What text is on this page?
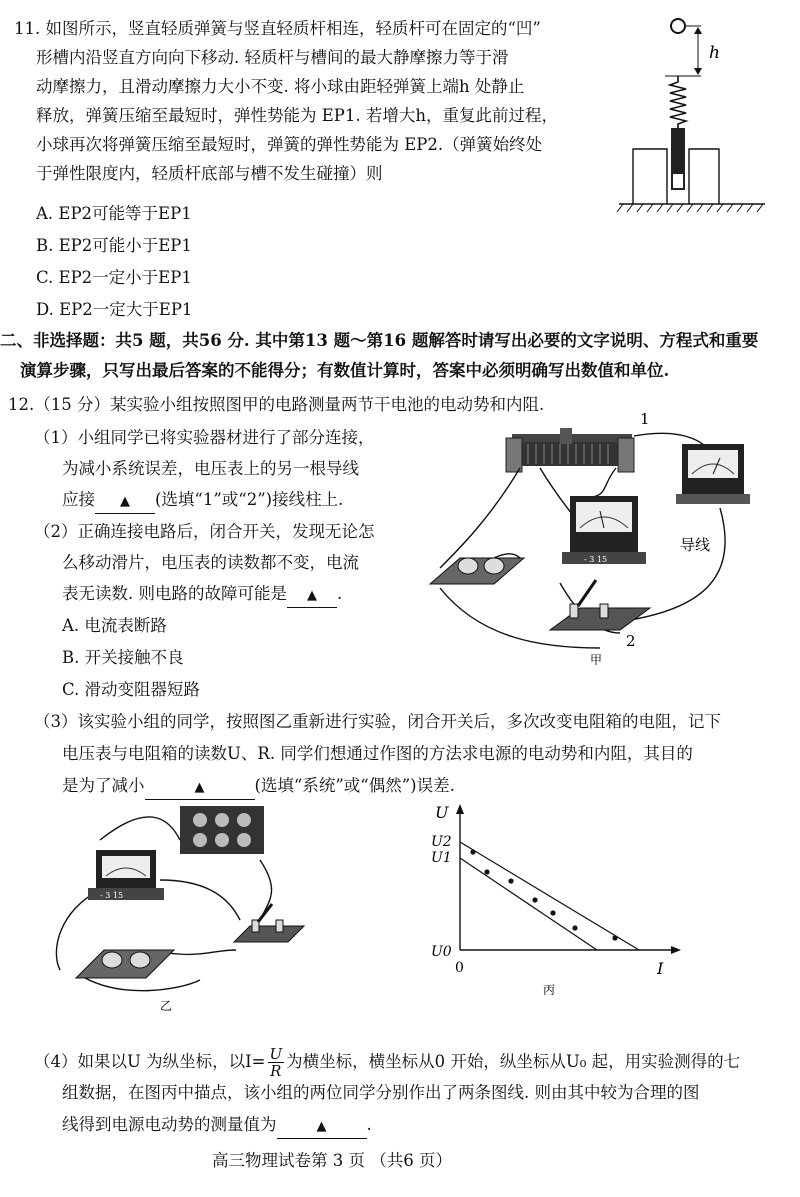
11. 如图所示，竖直轻质弹簧与竖直轻质杆相连，轻质杆可在固定的“凹”
形槽内沿竖直方向向下移动. 轻质杆与槽间的最大静摩擦力等于滑
动摩擦力，且滑动摩擦力大小不变. 将小球由距轻弹簧上端h 处静止
释放，弹簧压缩至最短时，弹性势能为 EP1. 若增大h，重复此前过程，
小球再次将弹簧压缩至最短时，弹簧的弹性势能为 EP2.（弹簧始终处
于弹性限度内，轻质杆底部与槽不发生碰撞）则
A. EP2可能等于EP1
B. EP2可能小于EP1
C. EP2一定小于EP1
D. EP2一定大于EP1
h
二、非选择题：共5 题，共56 分. 其中第13 题～第16 题解答时请写出必要的文字说明、方程式和重要
演算步骤，只写出最后答案的不能得分；有数值计算时，答案中必须明确写出数值和单位.
12.（15 分）某实验小组按照图甲的电路测量两节干电池的电动势和内阻.
（1）小组同学已将实验器材进行了部分连接，
为减小系统误差，电压表上的另一根导线
应接 ▲ (选填“1”或“2”)接线柱上.
（2）正确连接电路后，闭合开关，发现无论怎
么移动滑片，电压表的读数都不变，电流
表无读数. 则电路的故障可能是 ▲ .
A. 电流表断路
B. 开关接触不良
C. 滑动变阻器短路
（3）该实验小组的同学，按照图乙重新进行实验，闭合开关后，多次改变电阻箱的电阻，记下
电压表与电阻箱的读数U、R. 同学们想通过作图的方法求电源的电动势和内阻，其目的
是为了减小	▲	(选填“系统”或“偶然”)误差.
- 3 15
1
2
导线
甲
- 3 15
乙
U
I
U2
U1
U0
0
丙
（4）如果以U 为纵坐标，以$I= \frac{U}{R}$ 为横坐标，横坐标从0 开始，纵坐标从U₀ 起，用实验测得的七
组数据，在图丙中描点，该小组的两位同学分别作出了两条图线. 则由其中较为合理的图
线得到电源电动势的测量值为	▲ .
高三物理试卷第 3 页 （共6 页）
